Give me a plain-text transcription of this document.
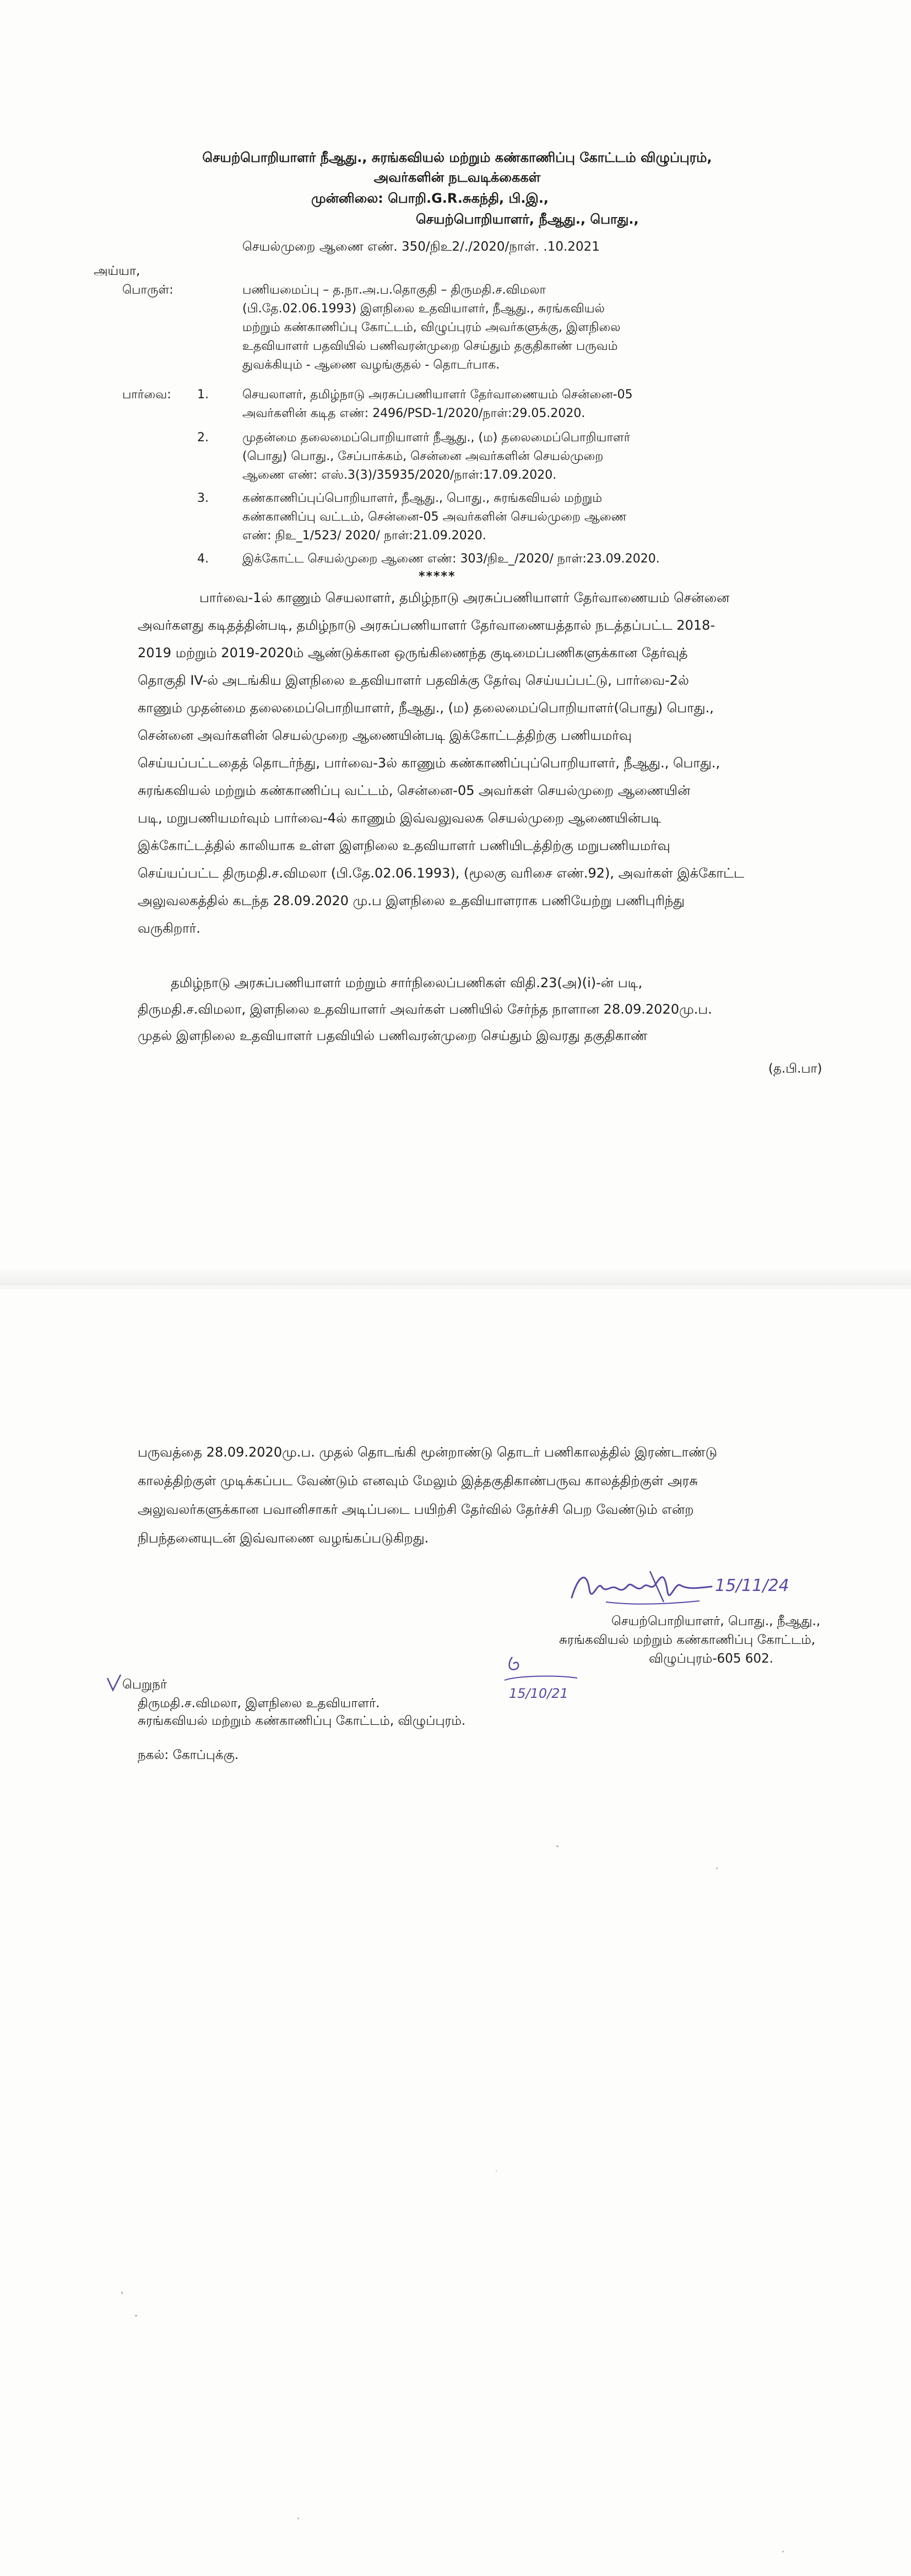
செயற்பொறியாளர் நீஆது., சுரங்கவியல் மற்றும் கண்காணிப்பு கோட்டம் விழுப்புரம்,
அவர்களின் நடவடிக்கைகள்
முன்னிலை: பொறி.G.R.சுகந்தி, பி.இ.,
செயற்பொறியாளர், நீஆது., பொது.,
செயல்முறை ஆணை எண். 350/நிஉ2/./2020/நாள். .10.2021
அய்யா,
பொருள்:	பணியமைப்பு – த.நா.அ.ப.தொகுதி – திருமதி.ச.விமலா
(பி.தே.02.06.1993) இளநிலை உதவியாளர், நீஆது., சுரங்கவியல்
மற்றும் கண்காணிப்பு கோட்டம், விழுப்புரம் அவர்களுக்கு, இளநிலை
உதவியாளர் பதவியில் பணிவரன்முறை செய்தும் தகுதிகாண் பருவம்
துவக்கியும் - ஆணை வழங்குதல் - தொடர்பாக.
பார்வை: 1.	செயலாளர், தமிழ்நாடு அரசுப்பணியாளர் தேர்வாணையம் சென்னை-05
அவர்களின் கடித எண்: 2496/PSD-1/2020/நாள்:29.05.2020.
2.	முதன்மை தலைமைப்பொறியாளர் நீஆது., (ம) தலைமைப்பொறியாளர்
(பொது) பொது., சேப்பாக்கம், சென்னை அவர்களின் செயல்முறை
ஆணை எண்: எஸ்.3(3)/35935/2020/நாள்:17.09.2020.
3.	கண்காணிப்புப்பொறியாளர், நீஆது., பொது., சுரங்கவியல் மற்றும்
கண்காணிப்பு வட்டம், சென்னை-05 அவர்களின் செயல்முறை ஆணை
எண்: நிஉ_1/523/ 2020/ நாள்:21.09.2020.
4.	இக்கோட்ட செயல்முறை ஆணை எண்: 303/நிஉ_/2020/ நாள்:23.09.2020.
*****
பார்வை-1ல் காணும் செயலாளர், தமிழ்நாடு அரசுப்பணியாளர் தேர்வாணையம் சென்னை
அவர்களது கடிதத்தின்படி, தமிழ்நாடு அரசுப்பணியாளர் தேர்வாணையத்தால் நடத்தப்பட்ட 2018-
2019 மற்றும் 2019-2020ம் ஆண்டுக்கான ஒருங்கிணைந்த குடிமைப்பணிகளுக்கான தேர்வுத்
தொகுதி IV-ல் அடங்கிய இளநிலை உதவியாளர் பதவிக்கு தேர்வு செய்யப்பட்டு, பார்வை-2ல்
காணும் முதன்மை தலைமைப்பொறியாளர், நீஆது., (ம) தலைமைப்பொறியாளர்(பொது) பொது.,
சென்னை அவர்களின் செயல்முறை ஆணையின்படி இக்கோட்டத்திற்கு பணியமர்வு
செய்யப்பட்டதைத் தொடர்ந்து, பார்வை-3ல் காணும் கண்காணிப்புப்பொறியாளர், நீஆது., பொது.,
சுரங்கவியல் மற்றும் கண்காணிப்பு வட்டம், சென்னை-05 அவர்கள் செயல்முறை ஆணையின்
படி, மறுபணியமர்வும் பார்வை-4ல் காணும் இவ்வலுவலக செயல்முறை ஆணையின்படி
இக்கோட்டத்தில் காலியாக உள்ள இளநிலை உதவியாளர் பணியிடத்திற்கு மறுபணியமர்வு
செய்யப்பட்ட திருமதி.ச.விமலா (பி.தே.02.06.1993), (மூலகு வரிசை எண்.92), அவர்கள் இக்கோட்ட
அலுவலகத்தில் கடந்த 28.09.2020 மு.ப இளநிலை உதவியாளராக பணியேற்று பணிபுரிந்து
வருகிறார்.
தமிழ்நாடு அரசுப்பணியாளர் மற்றும் சார்நிலைப்பணிகள் விதி.23(அ)(i)-ன் படி,
திருமதி.ச.விமலா, இளநிலை உதவியாளர் அவர்கள் பணியில் சேர்ந்த நாளான 28.09.2020மு.ப.
முதல் இளநிலை உதவியாளர் பதவியில் பணிவரன்முறை செய்தும் இவரது தகுதிகாண்
(த.பி.பா)
பருவத்தை 28.09.2020மு.ப. முதல் தொடங்கி மூன்றாண்டு தொடர் பணிகாலத்தில் இரண்டாண்டு
காலத்திற்குள் முடிக்கப்பட வேண்டும் எனவும் மேலும் இத்தகுதிகாண்பருவ காலத்திற்குள் அரசு
அலுவலர்களுக்கான பவானிசாகர் அடிப்படை பயிற்சி தேர்வில் தேர்ச்சி பெற வேண்டும் என்ற
நிபந்தனையுடன் இவ்வாணை வழங்கப்படுகிறது.
15/11/24
செயற்பொறியாளர், பொது., நீஆது.,
சுரங்கவியல் மற்றும் கண்காணிப்பு கோட்டம்,
விழுப்புரம்-605 602.
15/10/21
பெறுநர்
திருமதி.ச.விமலா, இளநிலை உதவியாளர்.
சுரங்கவியல் மற்றும் கண்காணிப்பு கோட்டம், விழுப்புரம்.
நகல்: கோப்புக்கு.
